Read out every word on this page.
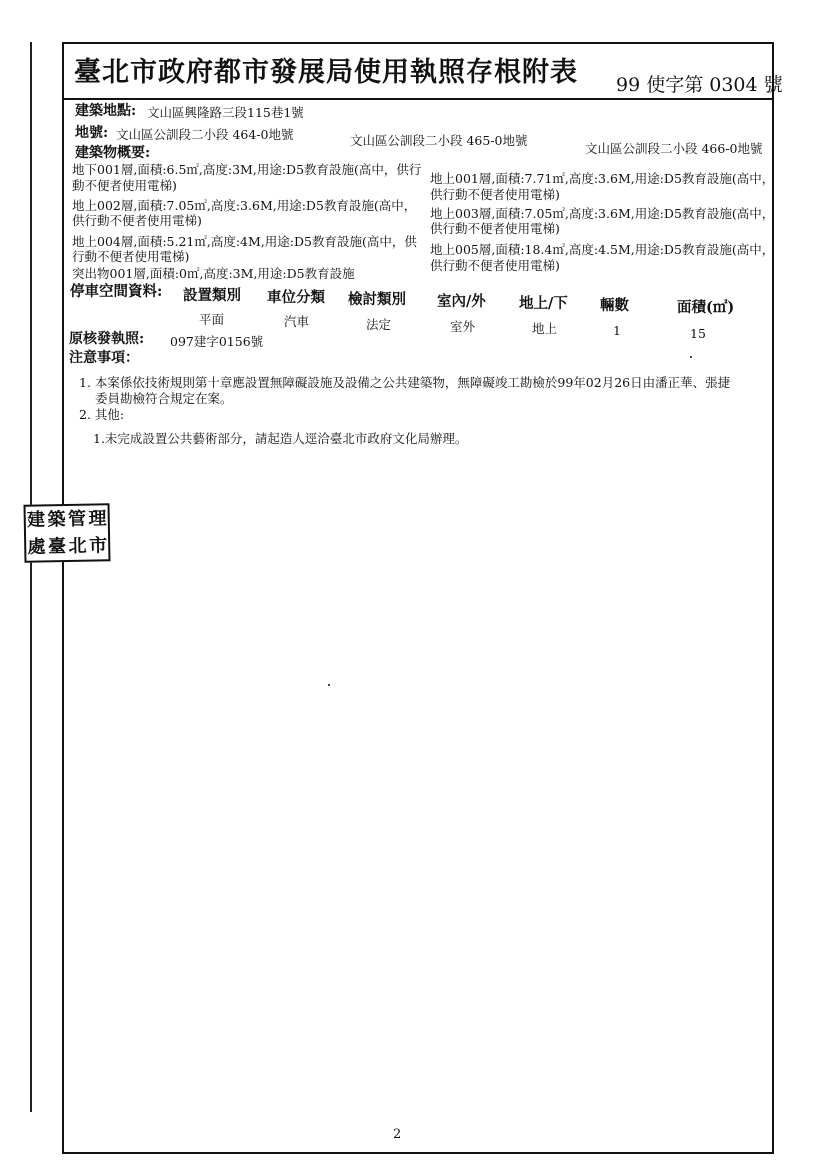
臺北市政府都市發展局使用執照存根附表 99 使字第 0304 號
建築地點: 文山區興隆路三段115巷1號
地號: 文山區公訓段二小段 464-0地號	文山區公訓段二小段 465-0地號
文山區公訓段二小段 466-0地號
建築物概要:
地下001層,面積:6.5㎡,高度:3M,用途:D5教育設施(高中，供行
動不便者使用電梯)
地上002層,面積:7.05㎡,高度:3.6M,用途:D5教育設施(高中，
供行動不便者使用電梯)
地上004層,面積:5.21㎡,高度:4M,用途:D5教育設施(高中，供
行動不便者使用電梯)
突出物001層,面積:0㎡,高度:3M,用途:D5教育設施
地上001層,面積:7.71㎡,高度:3.6M,用途:D5教育設施(高中，
供行動不便者使用電梯)
地上003層,面積:7.05㎡,高度:3.6M,用途:D5教育設施(高中，
供行動不便者使用電梯)
地上005層,面積:18.4㎡,高度:4.5M,用途:D5教育設施(高中，
供行動不便者使用電梯)
停車空間資料: 設置類別 車位分類 檢討類別 室內/外 地上/下 輛數	面積(㎡)
平面	汽車	法定	室外	地上	1	15
原核發執照: 097建字0156號
注意事項：
1. 本案係依技術規則第十章應設置無障礙設施及設備之公共建築物，無障礙竣工勘檢於99年02月26日由潘正華、張捷
委員勘檢符合規定在案。
2. 其他:
1.未完成設置公共藝術部分，請起造人逕洽臺北市政府文化局辦理。
建 築 管 理
處 臺 北 市
2
